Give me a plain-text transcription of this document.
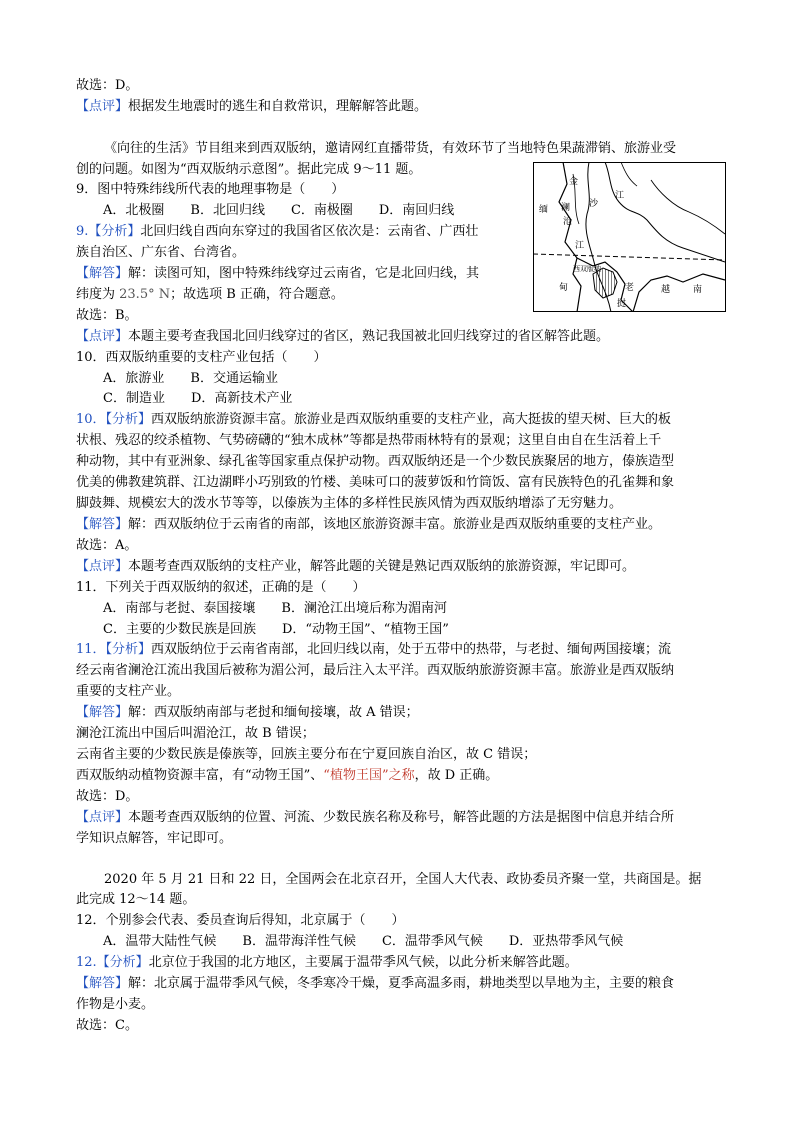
故选：D。
【点评】根据发生地震时的逃生和自救常识，理解解答此题。
《向往的生活》节目组来到西双版纳，邀请网红直播带货，有效环节了当地特色果蔬滞销、旅游业受
创的问题。如图为“西双版纳示意图”。据此完成 9～11 题。
9．图中特殊纬线所代表的地理事物是（　　）
A．北极圈　　B．北回归线　　C．南极圈　　D．南回归线
9.【分析】北回归线自西向东穿过的我国省区依次是：云南省、广西壮
族自治区、广东省、台湾省。
【解答】解：读图可知，图中特殊纬线穿过云南省，它是北回归线，其
纬度为 23.5° N；故选项 B 正确，符合题意。
故选：B。
【点评】本题主要考查我国北回归线穿过的省区，熟记我国被北回归线穿过的省区解答此题。
10．西双版纳重要的支柱产业包括（　　）
A．旅游业　　B．交通运输业
C．制造业　　D．高新技术产业
10．【分析】西双版纳旅游资源丰富。旅游业是西双版纳重要的支柱产业，高大挺拔的望天树、巨大的板
状根、残忍的绞杀植物、气势磅礴的“独木成林”等都是热带雨林特有的景观；这里自由自在生活着上千
种动物，其中有亚洲象、绿孔雀等国家重点保护动物。西双版纳还是一个少数民族聚居的地方，傣族造型
优美的佛教建筑群、江边湖畔小巧别致的竹楼、美味可口的菠萝饭和竹筒饭、富有民族特色的孔雀舞和象
脚鼓舞、规模宏大的泼水节等等，以傣族为主体的多样性民族风情为西双版纳增添了无穷魅力。
【解答】解：西双版纳位于云南省的南部，该地区旅游资源丰富。旅游业是西双版纳重要的支柱产业。
故选：A。
【点评】本题考查西双版纳的支柱产业，解答此题的关键是熟记西双版纳的旅游资源，牢记即可。
11．下列关于西双版纳的叙述，正确的是（　　）
A．南部与老挝、泰国接壤　　B．澜沧江出境后称为湄南河
C．主要的少数民族是回族　　D．“动物王国”、“植物王国”
11．【分析】西双版纳位于云南省南部，北回归线以南，处于五带中的热带，与老挝、缅甸两国接壤；流
经云南省澜沧江流出我国后被称为湄公河，最后注入太平洋。西双版纳旅游资源丰富。旅游业是西双版纳
重要的支柱产业。
【解答】解：西双版纳南部与老挝和缅甸接壤，故 A 错误；
澜沧江流出中国后叫湄沧江，故 B 错误；
云南省主要的少数民族是傣族等，回族主要分布在宁夏回族自治区，故 C 错误；
西双版纳动植物资源丰富，有“动物王国”、“植物王国”之称，故 D 正确。
故选：D。
【点评】本题考查西双版纳的位置、河流、少数民族名称及称号，解答此题的方法是据图中信息并结合所
学知识点解答，牢记即可。
2020 年 5 月 21 日和 22 日，全国两会在北京召开，全国人大代表、政协委员齐聚一堂，共商国是。据
此完成 12～14 题。
12．个别参会代表、委员查询后得知，北京属于（　　）
A．温带大陆性气候　　B．温带海洋性气候　　C．温带季风气候　　D．亚热带季风气候
12.【分析】北京位于我国的北方地区，主要属于温带季风气候，以此分析来解答此题。
【解答】解：北京属于温带季风气候，冬季寒冷干燥，夏季高温多雨，耕地类型以旱地为主，主要的粮食
作物是小麦。
故选：C。
金
沙
江
缅 澜
沧
江
西双版纳
甸	老
挝
越	南
